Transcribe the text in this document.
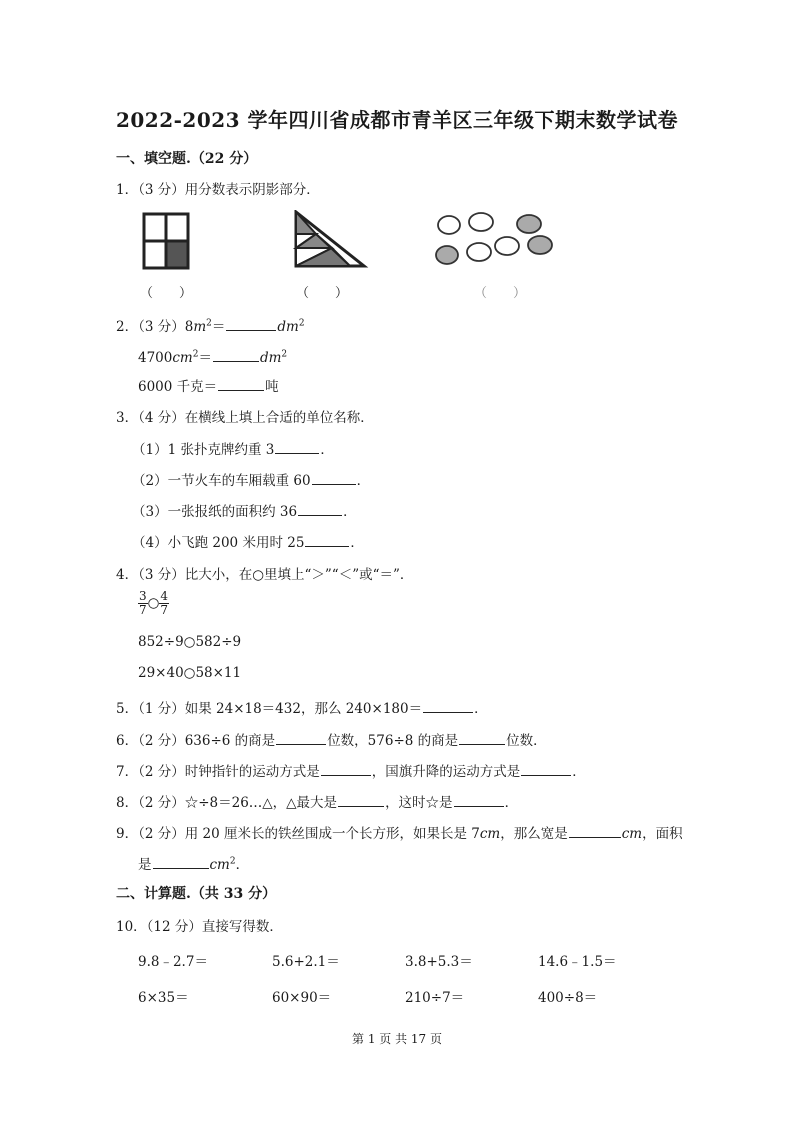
2022-2023 学年四川省成都市青羊区三年级下期末数学试卷
一、填空题.（22 分）
1．（3 分）用分数表示阴影部分．
（　　）	（　　）	（　　）
2．（3 分）$8m^2=$	$dm^2$
$4700cm^2=$	$dm^2$
6000 千克＝	吨
3．（4 分）在横线上填上合适的单位名称．
（1）1 张扑克牌约重 3	．
（2）一节火车的车厢载重 60	．
（3）一张报纸的面积约 36	．
（4）小飞跑 200 米用时 25	．
4．（3 分）比大小，在○里填上“＞”“＜”或“＝”．
$\frac{3}{7}$ ○ $\frac{4}{7}$
852÷9○582÷9
29×40○58×11
5．（1 分）如果 24×18＝432，那么 240×180＝	．
6．（2 分）636÷6 的商是	位数，576÷8 的商是	位数．
7．（2 分）时钟指针的运动方式是	，国旗升降的运动方式是	．
8．（2 分）☆÷8＝26…△，△最大是	，这时☆是	．
9．（2 分）用 20 厘米长的铁丝围成一个长方形，如果长是 7cm，那么宽是	cm，面积
是	$cm^2$．
二、计算题.（共 33 分）
10．（12 分）直接写得数．
9.8﹣2.7＝	5.6+2.1＝	3.8+5.3＝	14.6﹣1.5＝
6×35＝	60×90＝	210÷7＝	400÷8＝
第 1 页 共 17 页
